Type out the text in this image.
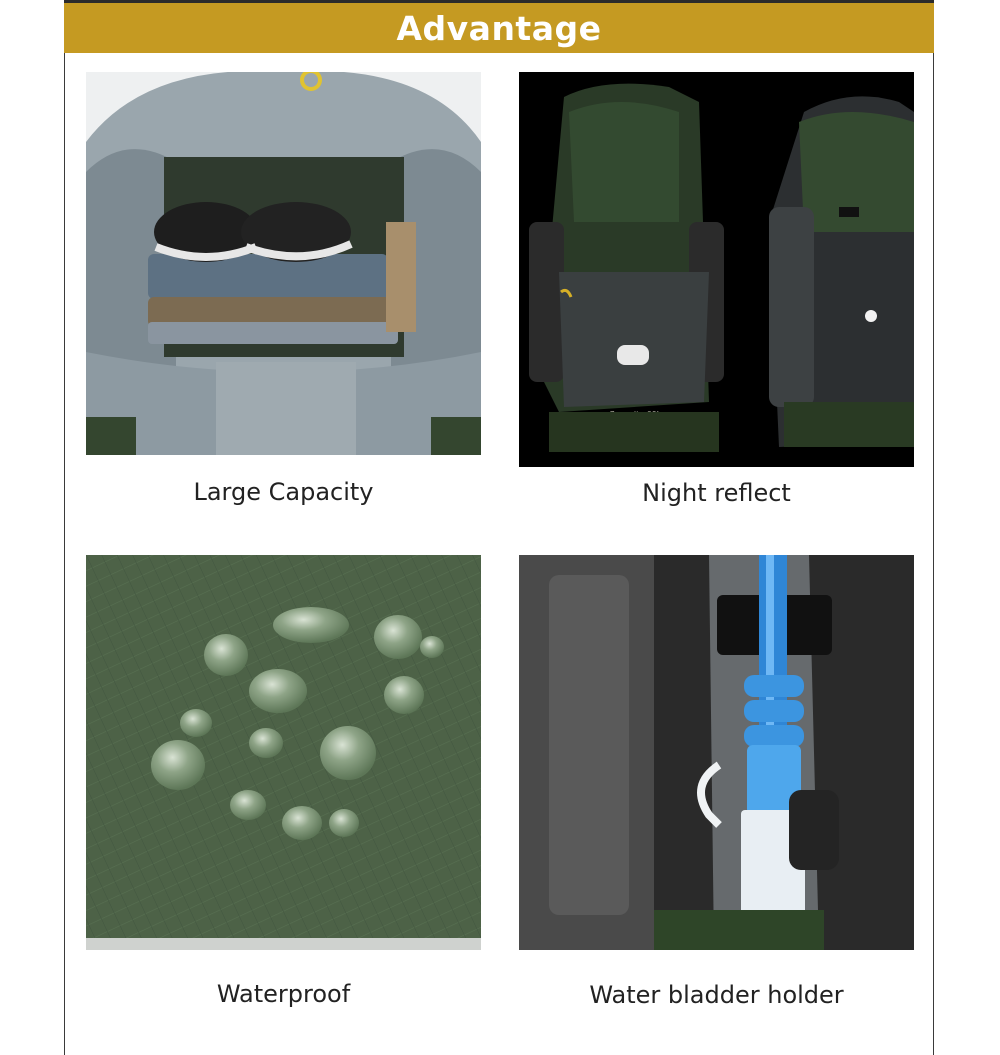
Advantage
Large Capacity	Night reflect
Waterproof	Water bladder holder
